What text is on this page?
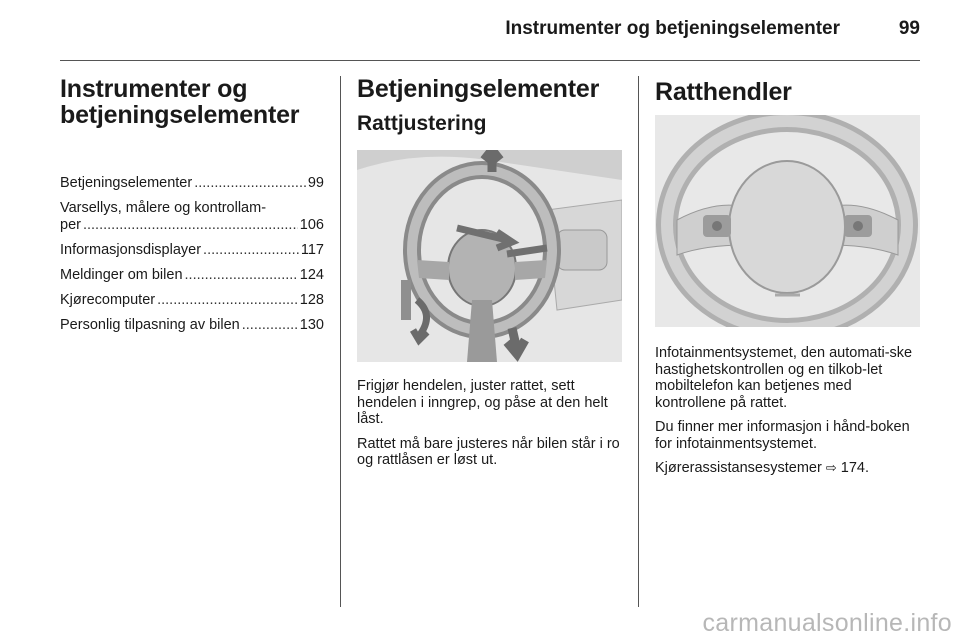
Instrumenter og betjeningselementer	99
Instrumenter og
betjeningselementer
Betjeningselementer .....	99
Varsellys, målere og kontrollam-
per .....	106
Informasjonsdisplayer .....	117
Meldinger om bilen .....	124
Kjørecomputer .....	128
Personlig tilpasning av bilen .....	130
Betjeningselementer
Rattjustering

Frigjør hendelen, juster rattet, sett hendelen i inngrep, og påse at den helt låst.

Rattet må bare justeres når bilen står i ro og rattlåsen er løst ut.

Ratthendler

Infotainmentsystemet, den automati-ske hastighetskontrollen og en tilkob-let mobiltelefon kan betjenes med kontrollene på rattet.

Du finner mer informasjon i hånd-boken for infotainmentsystemet.

Kjørerassistansesystemer ⇨ 174.

carmanualsonline.info
